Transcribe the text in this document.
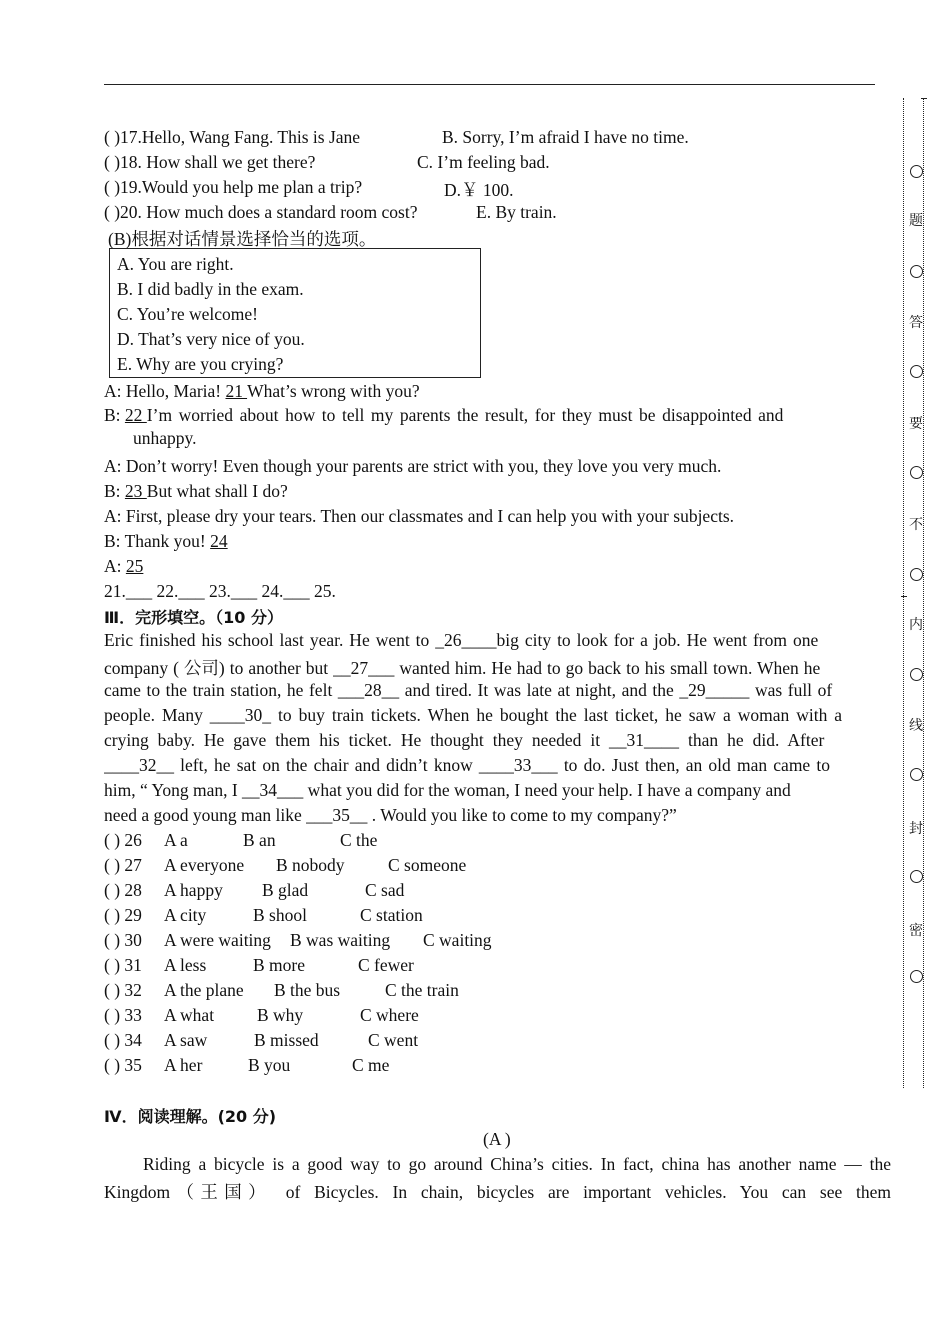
( )17.Hello, Wang Fang. This is Jane	B. Sorry, I’m afraid I have no time.
( )18. How shall we get there?	C. I’m feeling bad.
( )19.Would you help me plan a trip?	D.￥ 100.
( )20. How much does a standard room cost?	E. By train.
(B)根据对话情景选择恰当的选项。
A. You are right.
B. I did badly in the exam.
C. You’re welcome!
D. That’s very nice of you.
E. Why are you crying?
A: Hello, Maria! 21 What’s wrong with you?
B: 22 I’m worried about how to tell my parents the result, for they must be disappointed and
unhappy.
A: Don’t worry! Even though your parents are strict with you, they love you very much.
B: 23 But what shall I do?
A: First, please dry your tears. Then our classmates and I can help you with your subjects.
B: Thank you! 24
A: 25
21.___ 22.___ 23.___ 24.___ 25.
Ⅲ．完形填空。（10 分）
Eric finished his school last year. He went to _26____big city to look for a job. He went from one
company ( 公司) to another but __27___ wanted him. He had to go back to his small town. When he
came to the train station, he felt ___28__ and tired. It was late at night, and the _29_____ was full of
people. Many ____30_ to buy train tickets. When he bought the last ticket, he saw a woman with a
crying baby. He gave them his ticket. He thought they needed it __31____ than he did. After
____32__ left, he sat on the chair and didn’t know ____33___ to do. Just then, an old man came to
him, “ Yong man, I __34___ what you did for the woman, I need your help. I have a company and
need a good young man like ___35__ . Would you like to come to my company?”
( ) 26 A a	B an	C the
( ) 27 A everyone B nobody C someone
( ) 28 A happy B glad	C sad
( ) 29 A city	B shool	C station
( ) 30 A were waiting B was waiting C waiting
( ) 31 A less	B more	C fewer
( ) 32 A the plane B the bus	C the train
( ) 33 A what B why	C where
( ) 34 A saw	B missed	C went
( ) 35 A her	B you	C me
Ⅳ．阅读理解。(20 分)
(A )
Riding a bicycle is a good way to go around China’s cities. In fact, china has another name — the
Kingdom（王国） of Bicycles. In chain, bicycles are important vehicles. You can see them
题
答
要
不
内
线
封
密
